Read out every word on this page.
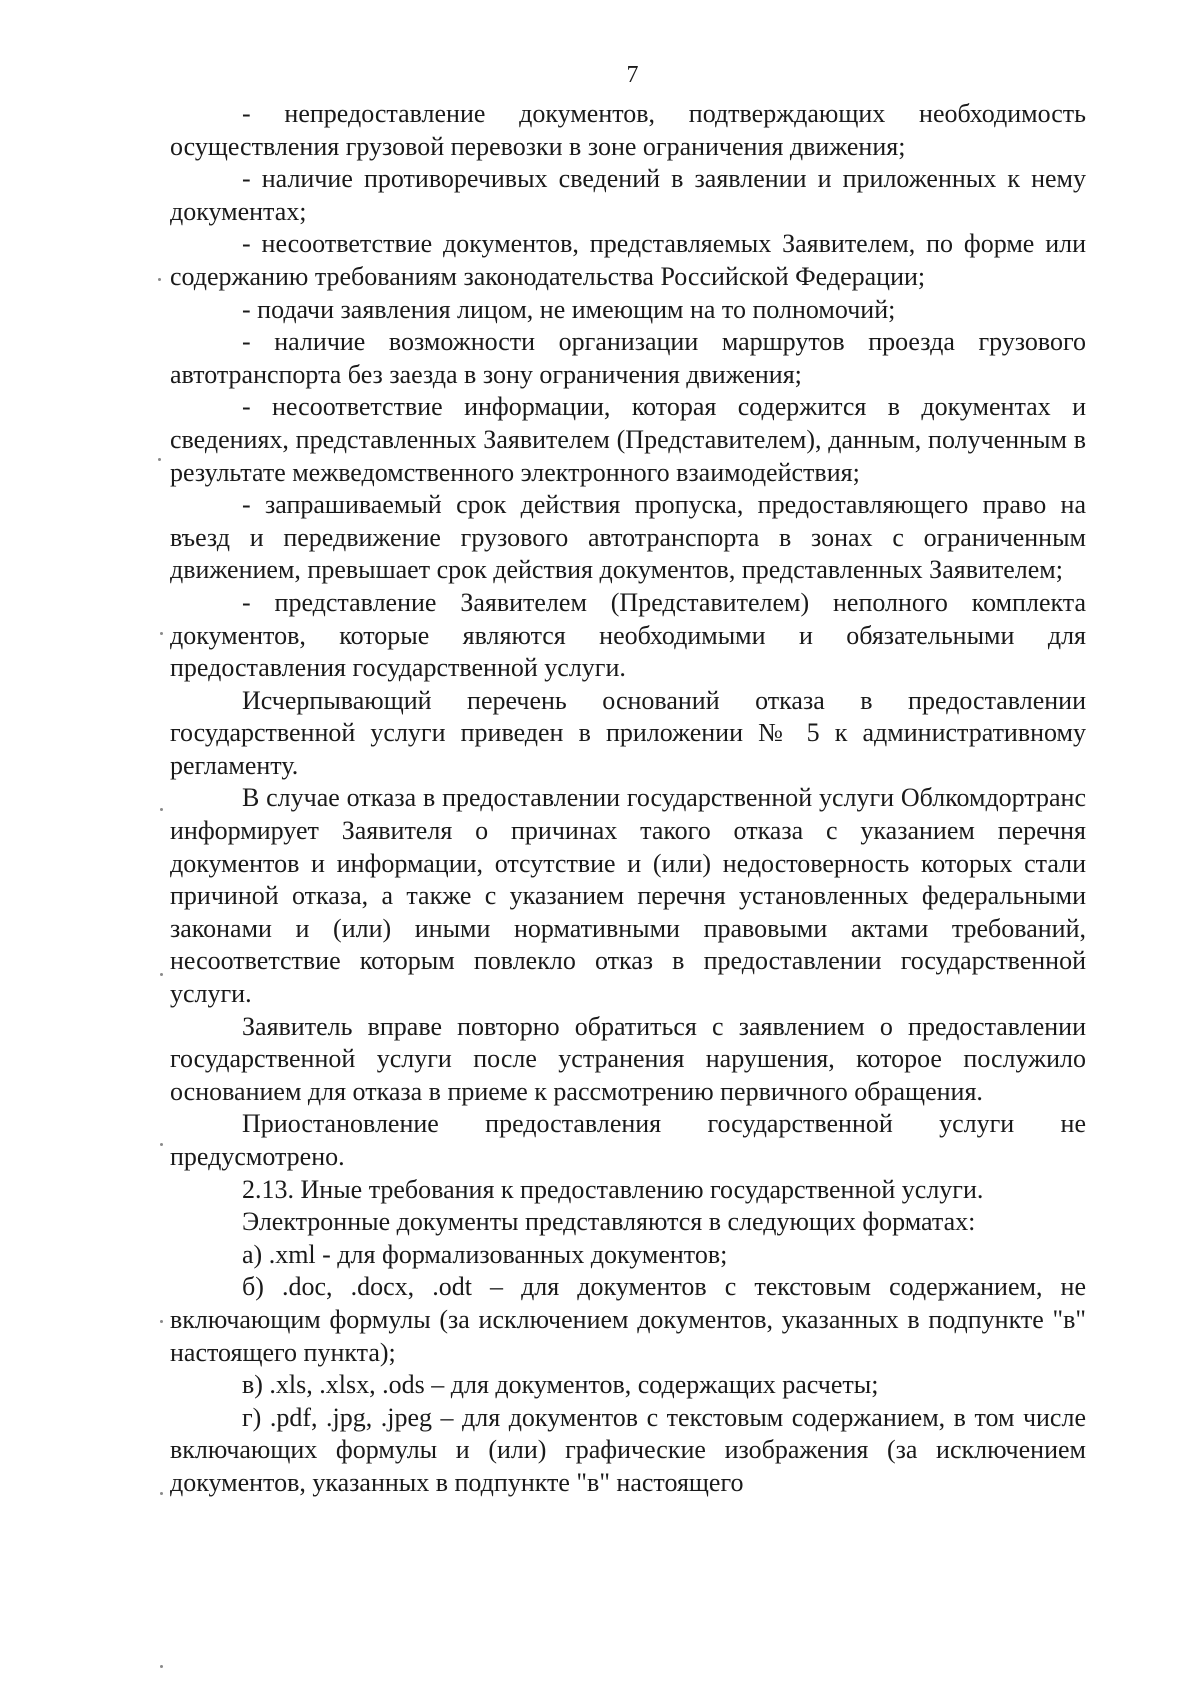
7

- непредоставление документов, подтверждающих необходимость осуществления грузовой перевозки в зоне ограничения движения;

- наличие противоречивых сведений в заявлении и приложенных к нему документах;

- несоответствие документов, представляемых Заявителем, по форме или содержанию требованиям законодательства Российской Федерации;

- подачи заявления лицом, не имеющим на то полномочий;

- наличие возможности организации маршрутов проезда грузового автотранспорта без заезда в зону ограничения движения;

- несоответствие информации, которая содержится в документах и сведениях, представленных Заявителем (Представителем), данным, полученным в результате межведомственного электронного взаимодействия;

- запрашиваемый срок действия пропуска, предоставляющего право на въезд и передвижение грузового автотранспорта в зонах с ограниченным движением, превышает срок действия документов, представленных Заявителем;

- представление Заявителем (Представителем) неполного комплекта документов, которые являются необходимыми и обязательными для предоставления государственной услуги.

Исчерпывающий перечень оснований отказа в предоставлении государственной услуги приведен в приложении № 5 к административному регламенту.

В случае отказа в предоставлении государственной услуги Облкомдортранс информирует Заявителя о причинах такого отказа с указанием перечня документов и информации, отсутствие и (или) недостоверность которых стали причиной отказа, а также с указанием перечня установленных федеральными законами и (или) иными нормативными правовыми актами требований, несоответствие которым повлекло отказ в предоставлении государственной услуги.

Заявитель вправе повторно обратиться с заявлением о предоставлении государственной услуги после устранения нарушения, которое послужило основанием для отказа в приеме к рассмотрению первичного обращения.

Приостановление предоставления государственной услуги не предусмотрено.

2.13. Иные требования к предоставлению государственной услуги.

Электронные документы представляются в следующих форматах:

а) .xml - для формализованных документов;

б) .doc, .docx, .odt – для документов с текстовым содержанием, не включающим формулы (за исключением документов, указанных в подпункте "в" настоящего пункта);

в) .xls, .xlsx, .ods – для документов, содержащих расчеты;

г) .pdf, .jpg, .jpeg – для документов с текстовым содержанием, в том числе включающих формулы и (или) графические изображения (за исключением документов, указанных в подпункте "в" настоящего
